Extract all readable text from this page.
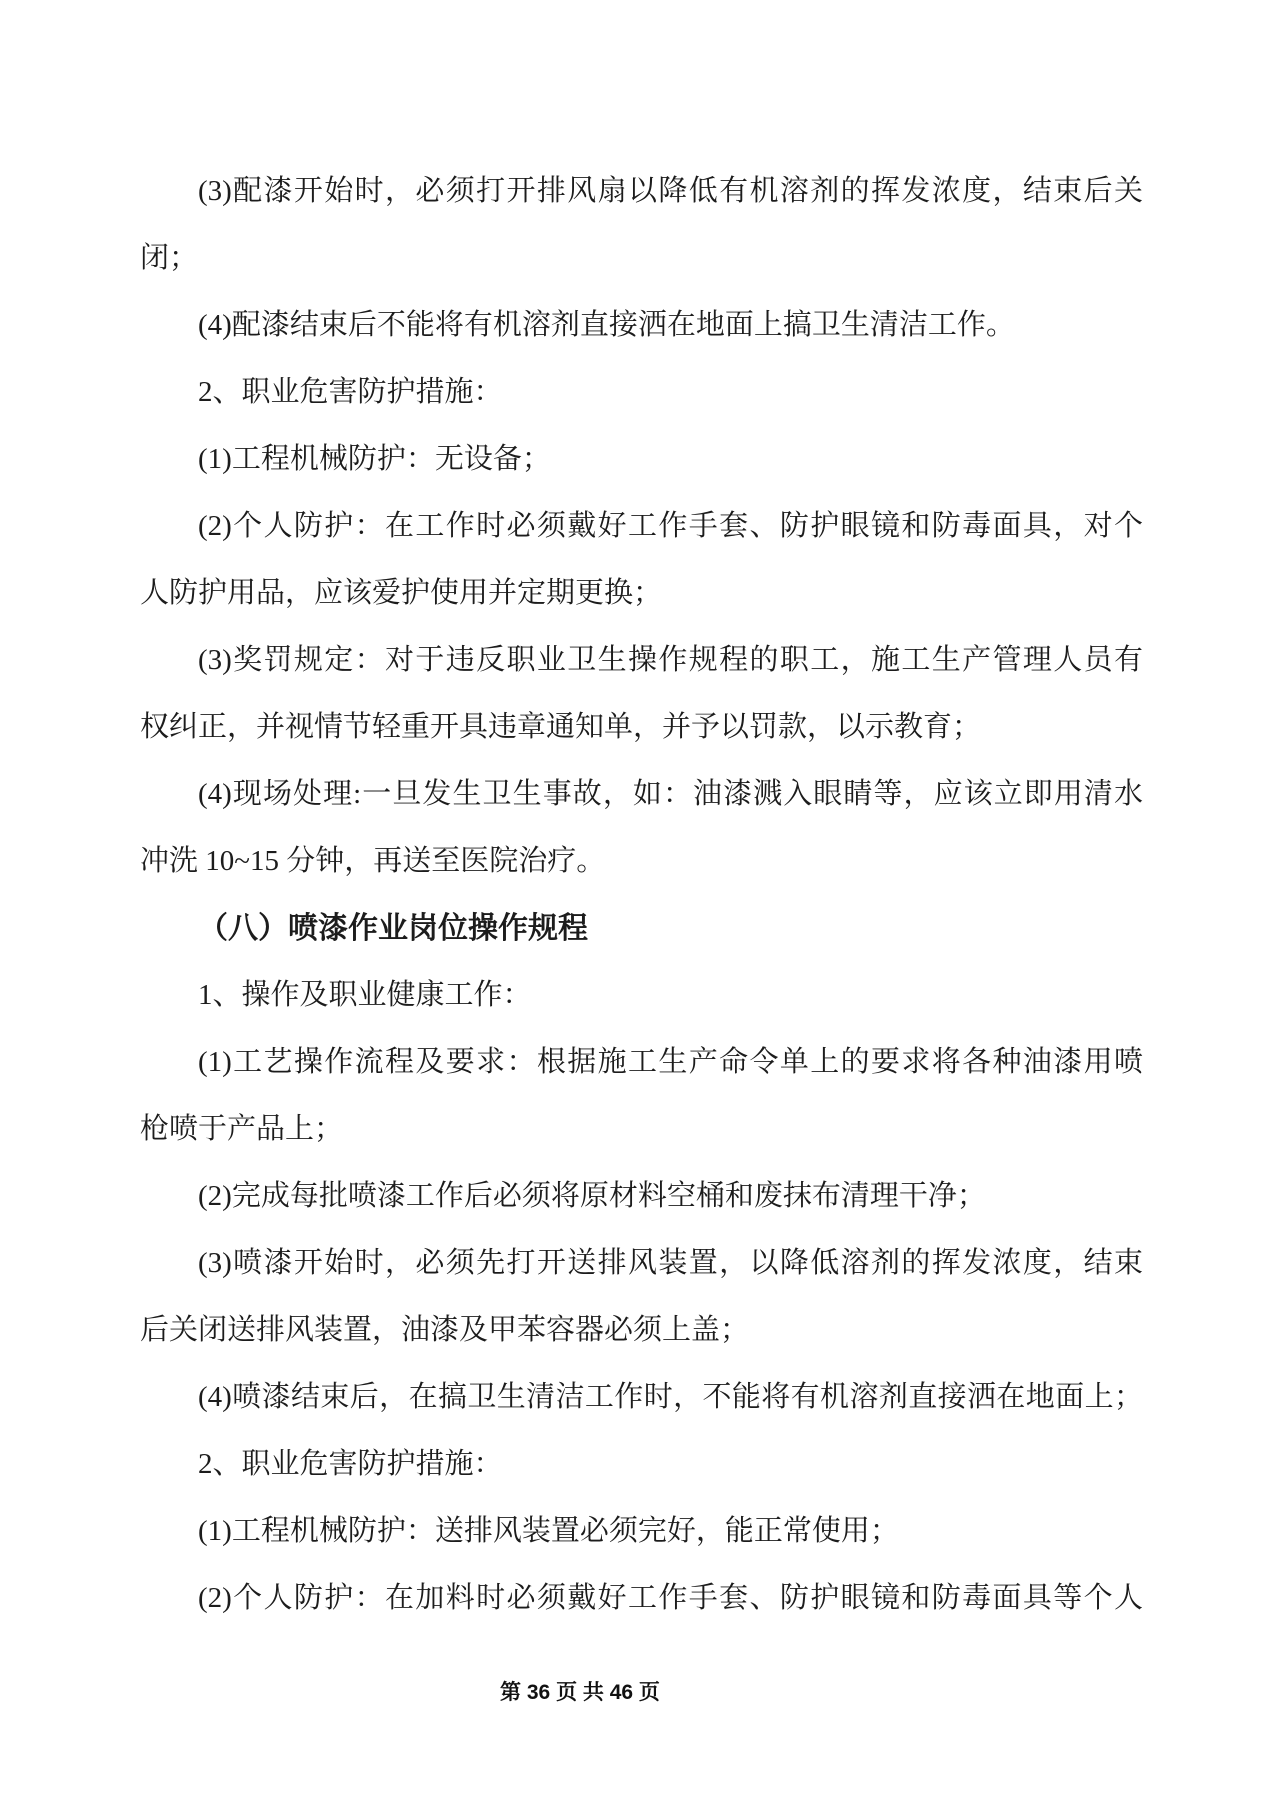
(3)配漆开始时，必须打开排风扇以降低有机溶剂的挥发浓度，结束后关
闭；
(4)配漆结束后不能将有机溶剂直接洒在地面上搞卫生清洁工作。
2、职业危害防护措施：
(1)工程机械防护：无设备；
(2)个人防护：在工作时必须戴好工作手套、防护眼镜和防毒面具，对个
人防护用品，应该爱护使用并定期更换；
(3)奖罚规定：对于违反职业卫生操作规程的职工，施工生产管理人员有
权纠正，并视情节轻重开具违章通知单，并予以罚款，以示教育；
(4)现场处理:一旦发生卫生事故，如：油漆溅入眼睛等，应该立即用清水
冲洗 10~15 分钟，再送至医院治疗。
（八）喷漆作业岗位操作规程
1、操作及职业健康工作：
(1)工艺操作流程及要求：根据施工生产命令单上的要求将各种油漆用喷
枪喷于产品上；
(2)完成每批喷漆工作后必须将原材料空桶和废抹布清理干净；
(3)喷漆开始时，必须先打开送排风装置，以降低溶剂的挥发浓度，结束
后关闭送排风装置，油漆及甲苯容器必须上盖；
(4)喷漆结束后，在搞卫生清洁工作时，不能将有机溶剂直接洒在地面上；
2、职业危害防护措施：
(1)工程机械防护：送排风装置必须完好，能正常使用；
(2)个人防护：在加料时必须戴好工作手套、防护眼镜和防毒面具等个人
第 36 页 共 46 页
